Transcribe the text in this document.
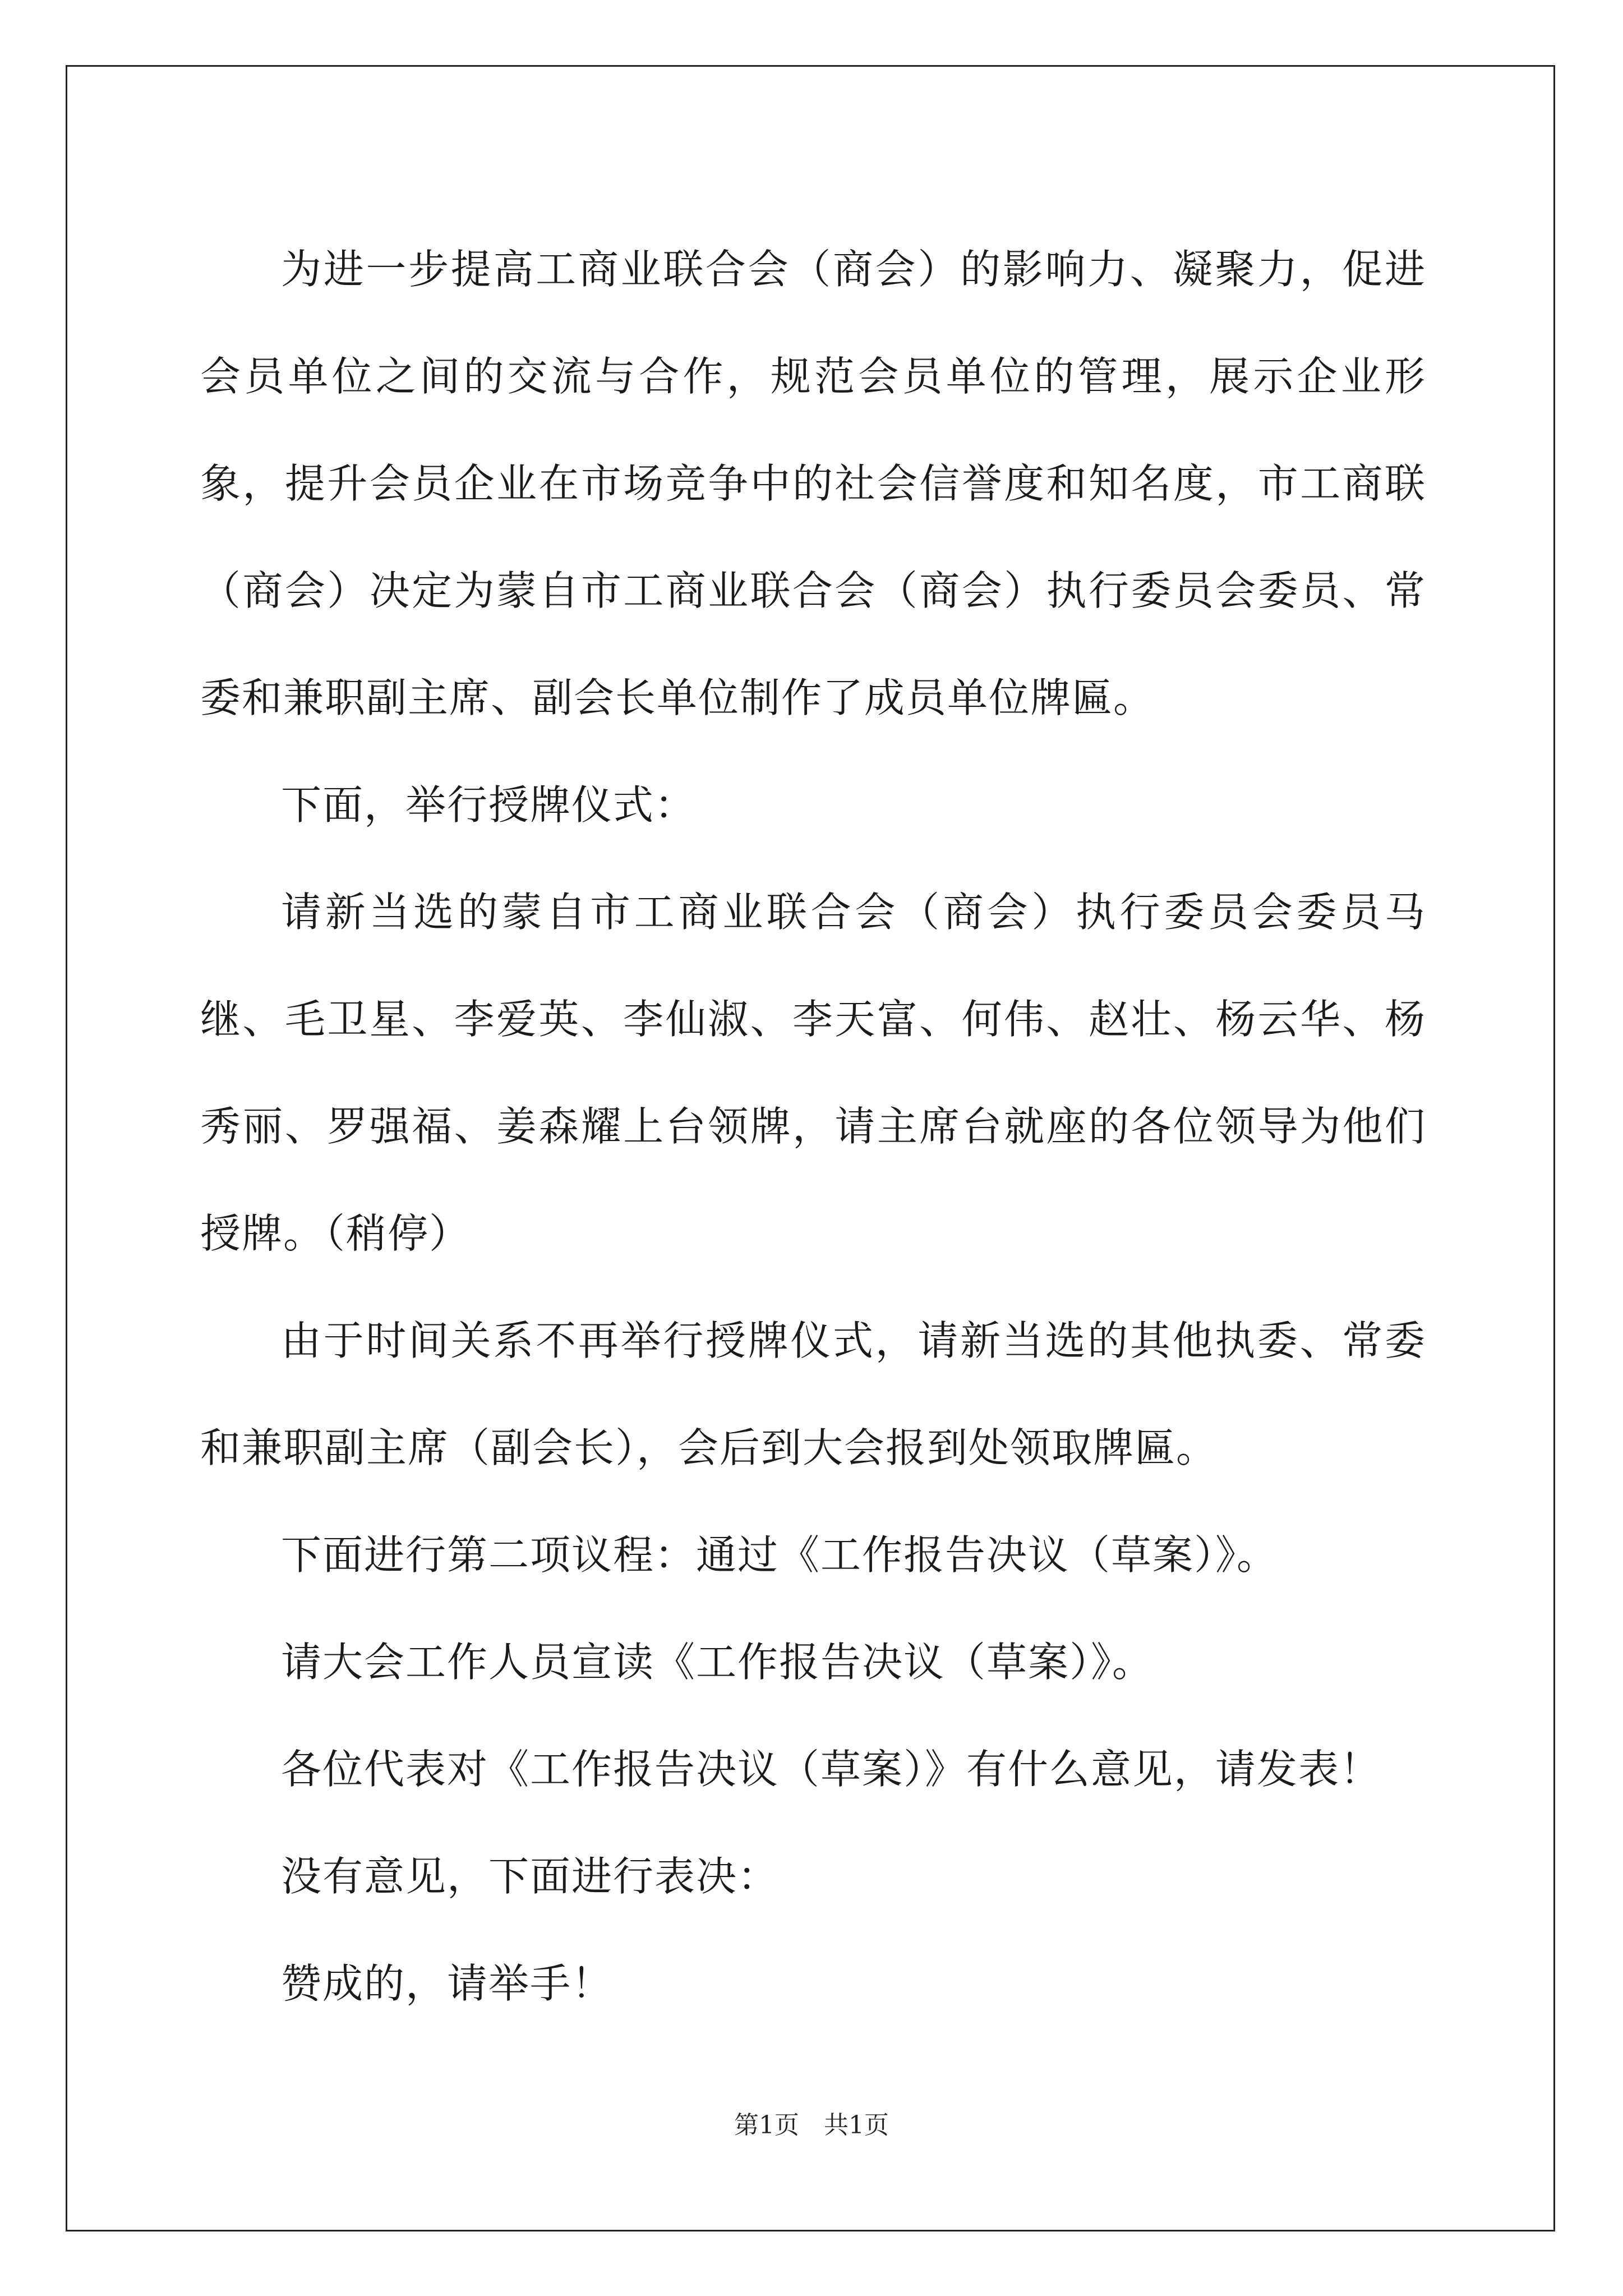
为进一步提高工商业联合会（商会）的影响力、凝聚力，促进会员单位之间的交流与合作，规范会员单位的管理，展示企业形象，提升会员企业在市场竞争中的社会信誉度和知名度，市工商联（商会）决定为蒙自市工商业联合会（商会）执行委员会委员、常委和兼职副主席、副会长单位制作了成员单位牌匾。

下面，举行授牌仪式：

请新当选的蒙自市工商业联合会（商会）执行委员会委员马继、毛卫星、李爱英、李仙淑、李天富、何伟、赵壮、杨云华、杨秀丽、罗强福、姜森耀上台领牌，请主席台就座的各位领导为他们授牌。（稍停）

由于时间关系不再举行授牌仪式，请新当选的其他执委、常委和兼职副主席（副会长），会后到大会报到处领取牌匾。

下面进行第二项议程：通过《工作报告决议（草案）》。

请大会工作人员宣读《工作报告决议（草案）》。

各位代表对《工作报告决议（草案）》有什么意见，请发表！

没有意见，下面进行表决：

赞成的，请举手！

第1页　共1页
